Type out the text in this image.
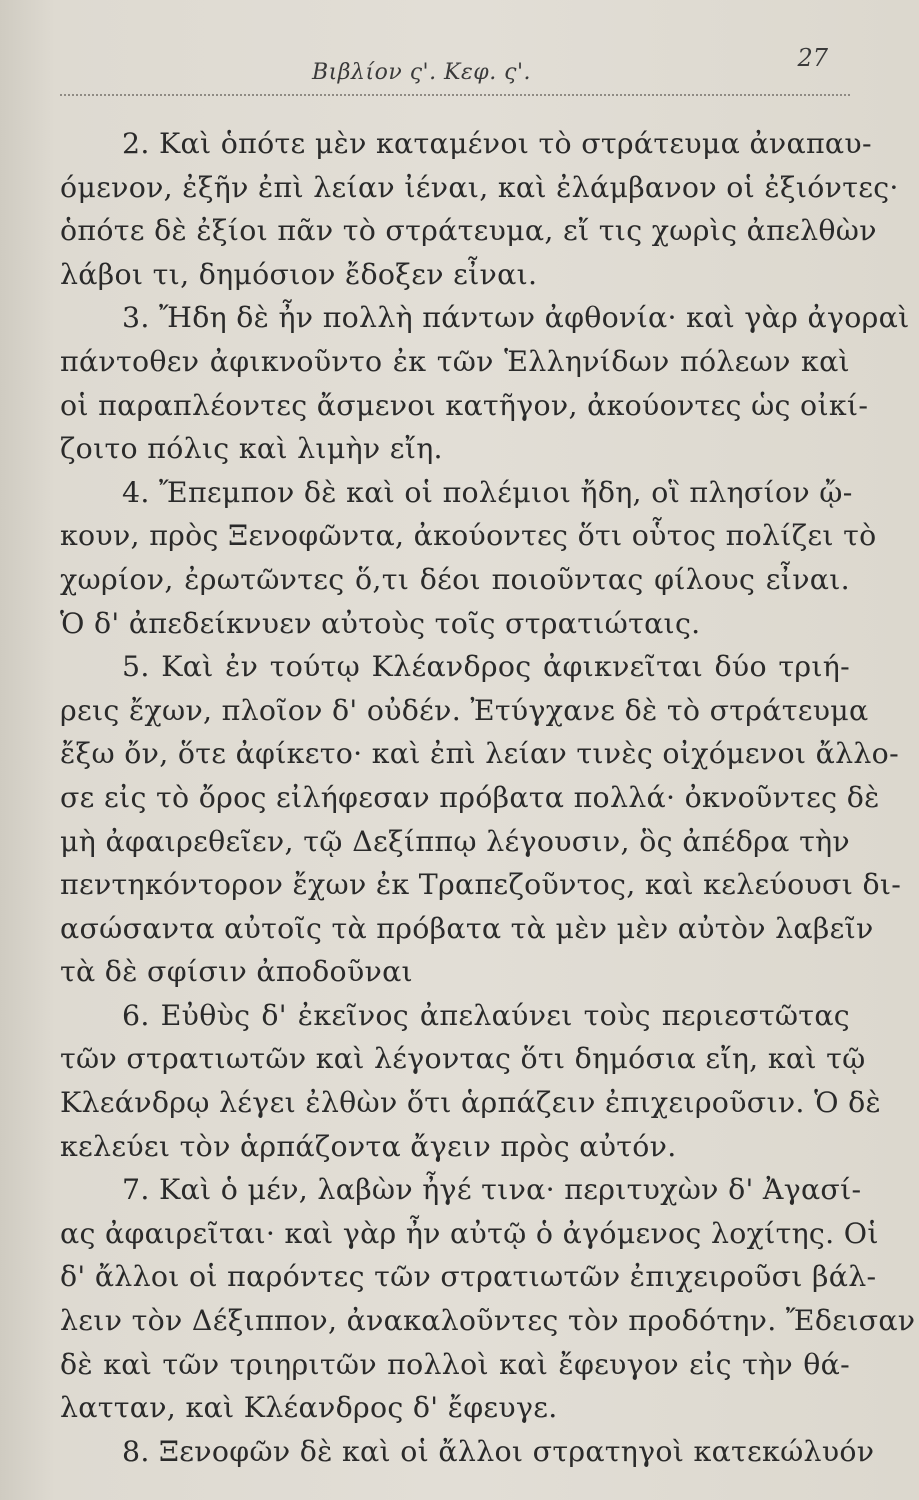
Βιβλίον ς'. Κεφ. ς'.
27
2. Καὶ ὁπότε μὲν καταμένοι τὸ στράτευμα ἀναπαυ-
όμενον, ἐξῆν ἐπὶ λείαν ἰέναι, καὶ ἐλάμβανον οἱ ἐξιόντες·
ὁπότε δὲ ἐξίοι πᾶν τὸ στράτευμα, εἴ τις χωρὶς ἀπελθὼν
λάβοι τι, δημόσιον ἔδοξεν εἶναι.
3. Ἤδη δὲ ἦν πολλὴ πάντων ἀφθονία· καὶ γὰρ ἀγοραὶ
πάντοθεν ἀφικνοῦντο ἐκ τῶν Ἑλληνίδων πόλεων καὶ
οἱ παραπλέοντες ἄσμενοι κατῆγον, ἀκούοντες ὡς οἰκί-
ζοιτο πόλις καὶ λιμὴν εἴη.
4. Ἔπεμπον δὲ καὶ οἱ πολέμιοι ἤδη, οἳ πλησίον ᾤ-
κουν, πρὸς Ξενοφῶντα, ἀκούοντες ὅτι οὗτος πολίζει τὸ
χωρίον, ἐρωτῶντες ὅ,τι δέοι ποιοῦντας φίλους εἶναι.
Ὁ δ' ἀπεδείκνυεν αὐτοὺς τοῖς στρατιώταις.
5. Καὶ ἐν τούτῳ Κλέανδρος ἀφικνεῖται δύο τριή-
ρεις ἔχων, πλοῖον δ' οὐδέν. Ἐτύγχανε δὲ τὸ στράτευμα
ἔξω ὄν, ὅτε ἀφίκετο· καὶ ἐπὶ λείαν τινὲς οἰχόμενοι ἄλλο-
σε εἰς τὸ ὄρος εἰλήφεσαν πρόβατα πολλά· ὀκνοῦντες δὲ
μὴ ἀφαιρεθεῖεν, τῷ Δεξίππῳ λέγουσιν, ὃς ἀπέδρα τὴν
πεντηκόντορον ἔχων ἐκ Τραπεζοῦντος, καὶ κελεύουσι δι-
ασώσαντα αὐτοῖς τὰ πρόβατα τὰ μὲν μὲν αὐτὸν λαβεῖν
τὰ δὲ σφίσιν ἀποδοῦναι
6. Εὐθὺς δ' ἐκεῖνος ἀπελαύνει τοὺς περιεστῶτας
τῶν στρατιωτῶν καὶ λέγοντας ὅτι δημόσια εἴη, καὶ τῷ
Κλεάνδρῳ λέγει ἐλθὼν ὅτι ἁρπάζειν ἐπιχειροῦσιν. Ὁ δὲ
κελεύει τὸν ἁρπάζοντα ἄγειν πρὸς αὐτόν.
7. Καὶ ὁ μέν, λαβὼν ἦγέ τινα· περιτυχὼν δ' Ἀγασί-
ας ἀφαιρεῖται· καὶ γὰρ ἦν αὐτῷ ὁ ἀγόμενος λοχίτης. Οἱ
δ' ἄλλοι οἱ παρόντες τῶν στρατιωτῶν ἐπιχειροῦσι βάλ-
λειν τὸν Δέξιππον, ἀνακαλοῦντες τὸν προδότην. Ἔδεισαν
δὲ καὶ τῶν τριηριτῶν πολλοὶ καὶ ἔφευγον εἰς τὴν θά-
λατταν, καὶ Κλέανδρος δ' ἔφευγε.
8. Ξενοφῶν δὲ καὶ οἱ ἄλλοι στρατηγοὶ κατεκώλυόν
